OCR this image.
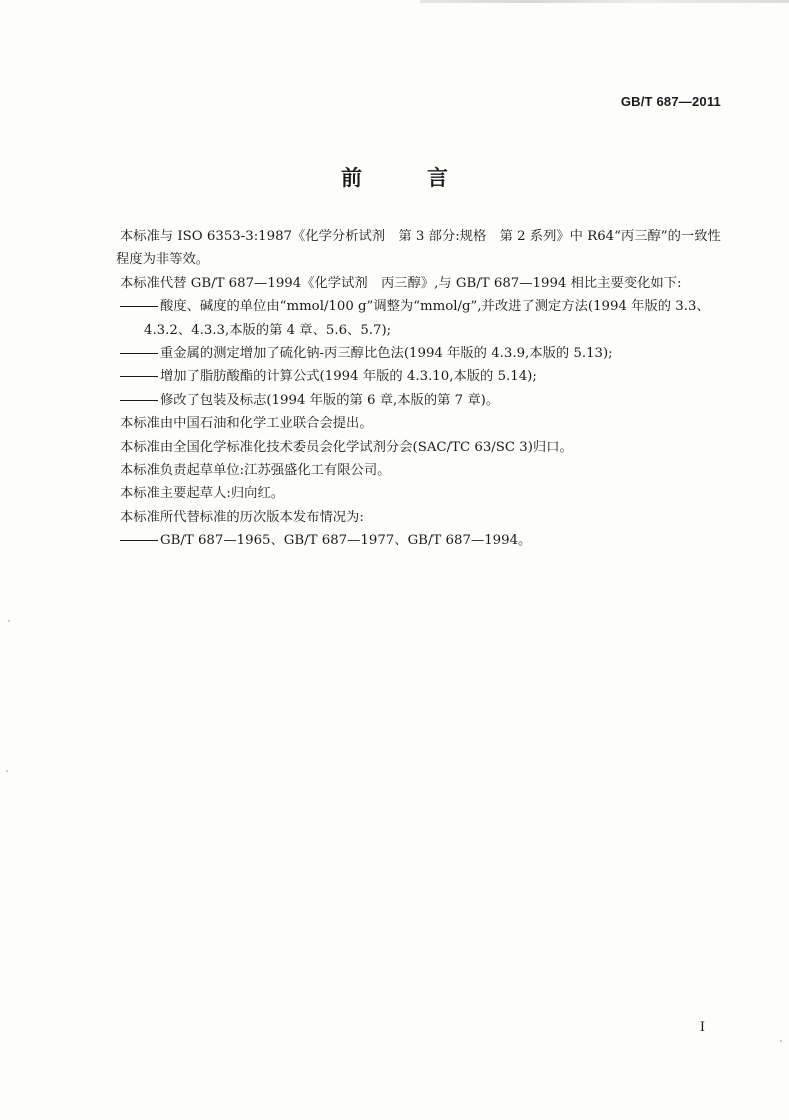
GB/T 687—2011
前　言

本标准与 ISO 6353-3:1987《化学分析试剂　第 3 部分:规格　第 2 系列》中 R64“丙三醇”的一致性
程度为非等效。

本标准代替 GB/T 687—1994《化学试剂　丙三醇》,与 GB/T 687—1994 相比主要变化如下:

酸度、碱度的单位由“mmol/100 g”调整为“mmol/g”,并改进了测定方法(1994 年版的 3.3、

4.3.2、4.3.3,本版的第 4 章、5.6、5.7);

重金属的测定增加了硫化钠-丙三醇比色法(1994 年版的 4.3.9,本版的 5.13);

增加了脂肪酸酯的计算公式(1994 年版的 4.3.10,本版的 5.14);

修改了包装及标志(1994 年版的第 6 章,本版的第 7 章)。

本标准由中国石油和化学工业联合会提出。

本标准由全国化学标准化技术委员会化学试剂分会(SAC/TC 63/SC 3)归口。

本标准负责起草单位:江苏强盛化工有限公司。

本标准主要起草人:归向红。

本标准所代替标准的历次版本发布情况为:

GB/T 687—1965、GB/T 687—1977、GB/T 687—1994。

I
